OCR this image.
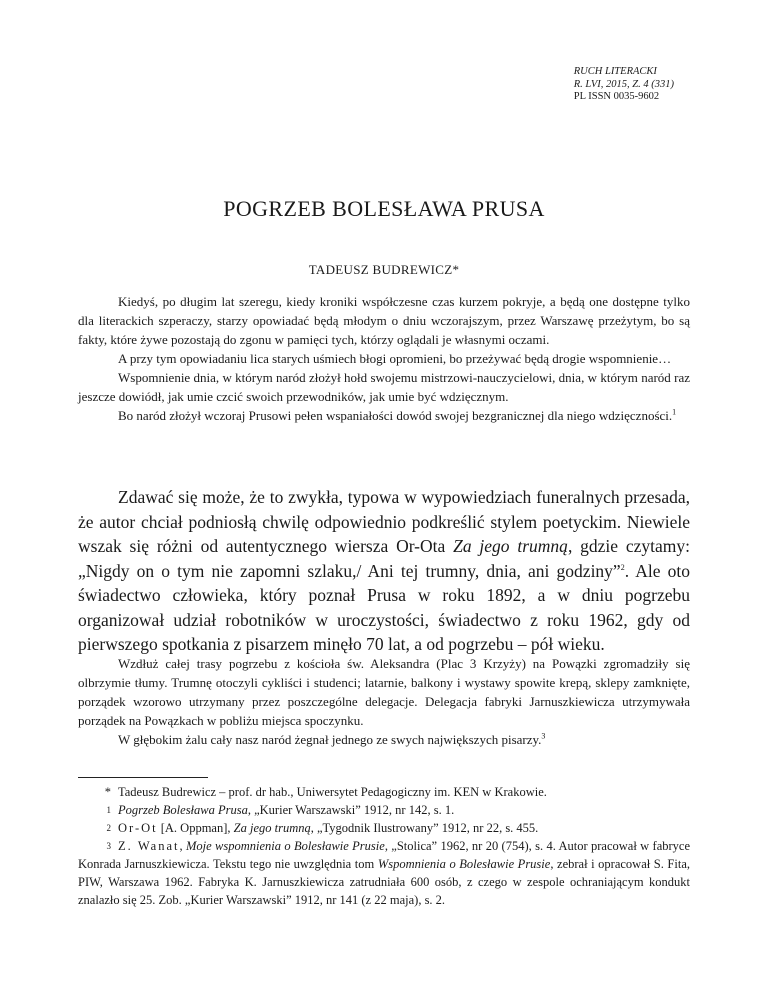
RUCH LITERACKI
R. LVI, 2015, Z. 4 (331)
PL ISSN 0035-9602
POGRZEB BOLESŁAWA PRUSA
TADEUSZ BUDREWICZ*

Kiedyś, po długim lat szeregu, kiedy kroniki współczesne czas kurzem pokryje, a będą one dostępne tylko dla literackich szperaczy, starzy opowiadać będą młodym o dniu wczorajszym, przez Warszawę przeżytym, bo są fakty, które żywe pozostają do zgonu w pamięci tych, którzy oglądali je własnymi oczami.

A przy tym opowiadaniu lica starych uśmiech błogi opromieni, bo przeżywać będą drogie wspomnienie…

Wspomnienie dnia, w którym naród złożył hołd swojemu mistrzowi-nauczycielowi, dnia, w którym naród raz jeszcze dowiódł, jak umie czcić swoich przewodników, jak umie być wdzięcznym.

Bo naród złożył wczoraj Prusowi pełen wspaniałości dowód swojej bezgranicznej dla niego wdzięczności.$^1$

Zdawać się może, że to zwykła, typowa w wypowiedziach funeralnych przesada, że autor chciał podniosłą chwilę odpowiednio podkreślić stylem poetyckim. Niewiele wszak się różni od autentycznego wiersza Or-Ota Za jego trumną, gdzie czytamy: „Nigdy on o tym nie zapomni szlaku,/ Ani tej trumny, dnia, ani godziny”$^2$. Ale oto świadectwo człowieka, który poznał Prusa w roku 1892, a w dniu pogrzebu organizował udział robotników w uroczystości, świadectwo z roku 1962, gdy od pierwszego spotkania z pisarzem minęło 70 lat, a od pogrzebu – pół wieku.

Wzdłuż całej trasy pogrzebu z kościoła św. Aleksandra (Plac 3 Krzyży) na Powązki zgromadziły się olbrzymie tłumy. Trumnę otoczyli cykliści i studenci; latarnie, balkony i wystawy spowite krepą, sklepy zamknięte, porządek wzorowo utrzymany przez poszczególne delegacje. Delegacja fabryki Jarnuszkiewicza utrzymywała porządek na Powązkach w pobliżu miejsca spoczynku.

W głębokim żalu cały nasz naród żegnał jednego ze swych największych pisarzy.$^3$

* Tadeusz Budrewicz – prof. dr hab., Uniwersytet Pedagogiczny im. KEN w Krakowie.

1 Pogrzeb Bolesława Prusa, „Kurier Warszawski” 1912, nr 142, s. 1.

2 Or-Ot [A. Oppman], Za jego trumną, „Tygodnik Ilustrowany” 1912, nr 22, s. 455.

3 Z. Wanat, Moje wspomnienia o Bolesławie Prusie, „Stolica” 1962, nr 20 (754), s. 4. Autor pracował w fabryce Konrada Jarnuszkiewicza. Tekstu tego nie uwzględnia tom Wspomnienia o Bolesławie Prusie, zebrał i opracował S. Fita, PIW, Warszawa 1962. Fabryka K. Jarnuszkiewicza zatrudniała 600 osób, z czego w zespole ochraniającym kondukt znalazło się 25. Zob. „Kurier Warszawski” 1912, nr 141 (z 22 maja), s. 2.
